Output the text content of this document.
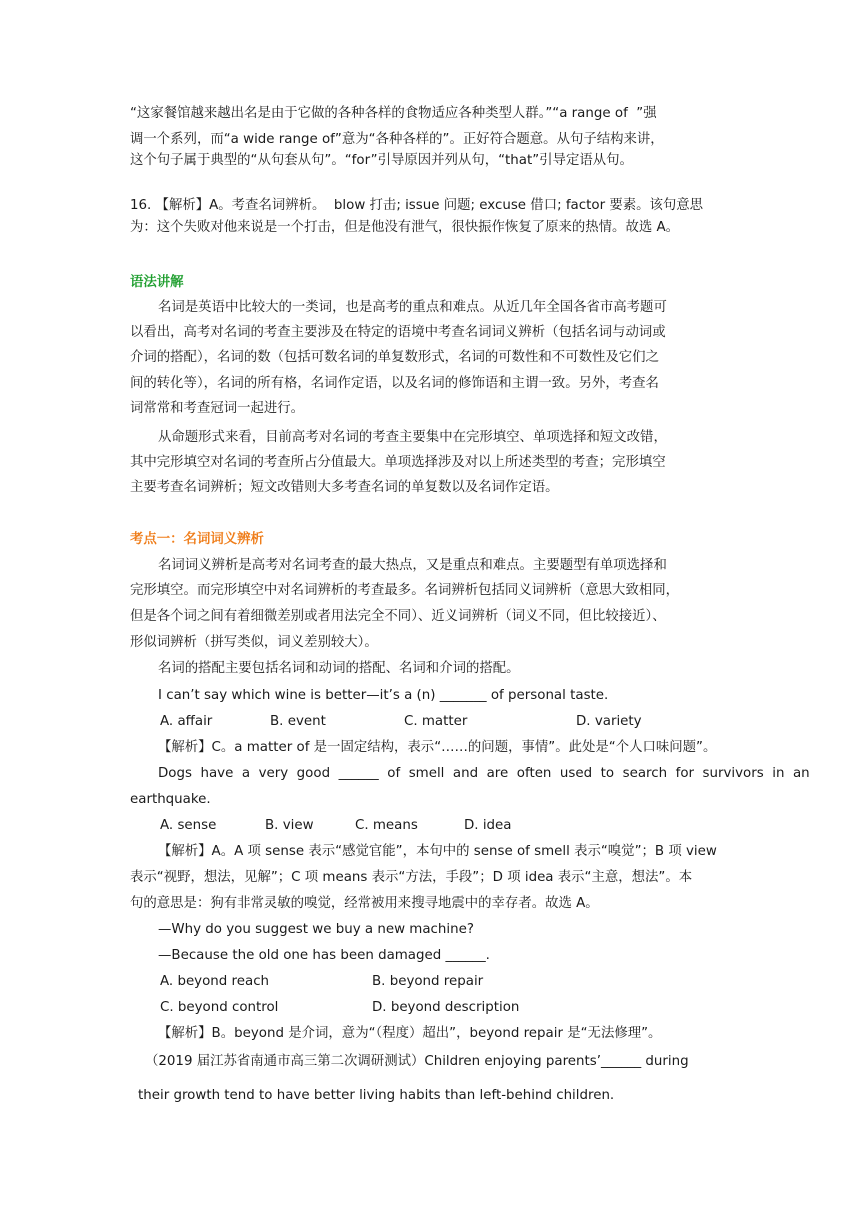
“这家餐馆越来越出名是由于它做的各种各样的食物适应各种类型人群。”“a range of  ”强
调一个系列，而“a wide range of”意为“各种各样的”。正好符合题意。从句子结构来讲，
这个句子属于典型的“从句套从句”。“for”引导原因并列从句，“that”引导定语从句。
16. 【解析】A。考查名词辨析。  blow 打击; issue 问题; excuse 借口; factor 要素。该句意思
为：这个失败对他来说是一个打击，但是他没有泄气，很快振作恢复了原来的热情。故选 A。
语法讲解
名词是英语中比较大的一类词，也是高考的重点和难点。从近几年全国各省市高考题可
以看出，高考对名词的考查主要涉及在特定的语境中考查名词词义辨析（包括名词与动词或
介词的搭配），名词的数（包括可数名词的单复数形式，名词的可数性和不可数性及它们之
间的转化等），名词的所有格，名词作定语，以及名词的修饰语和主谓一致。另外，考查名
词常常和考查冠词一起进行。
从命题形式来看，目前高考对名词的考查主要集中在完形填空、单项选择和短文改错，
其中完形填空对名词的考查所占分值最大。单项选择涉及对以上所述类型的考查；完形填空
主要考查名词辨析；短文改错则大多考查名词的单复数以及名词作定语。
考点一：名词词义辨析
名词词义辨析是高考对名词考查的最大热点，又是重点和难点。主要题型有单项选择和
完形填空。而完形填空中对名词辨析的考查最多。名词辨析包括同义词辨析（意思大致相同，
但是各个词之间有着细微差别或者用法完全不同）、近义词辨析（词义不同，但比较接近）、
形似词辨析（拼写类似，词义差别较大）。
名词的搭配主要包括名词和动词的搭配、名词和介词的搭配。
I can’t say which wine is better—it’s a (n) _______ of personal taste.
A. affair	B. event	C. matter	D. variety
【解析】C。a matter of 是一固定结构，表示“……的问题，事情”。此处是“个人口味问题”。
Dogs  have  a  very  good  ______  of  smell  and  are  often  used  to  search  for  survivors  in  an
earthquake.
A. sense	B. view	C. means	D. idea
【解析】A。A 项 sense 表示“感觉官能”，本句中的 sense of smell 表示“嗅觉”；B 项 view
表示“视野，想法，见解”；C 项 means 表示“方法，手段”；D 项 idea 表示“主意，想法”。本
句的意思是：狗有非常灵敏的嗅觉，经常被用来搜寻地震中的幸存者。故选 A。
—Why do you suggest we buy a new machine?
—Because the old one has been damaged ______.
A. beyond reach	B. beyond repair
C. beyond control	D. beyond description
【解析】B。beyond 是介词，意为“（程度）超出”，beyond repair 是“无法修理”。
（2019 届江苏省南通市高三第二次调研测试）Children enjoying parents’______ during
their growth tend to have better living habits than left-behind children.
